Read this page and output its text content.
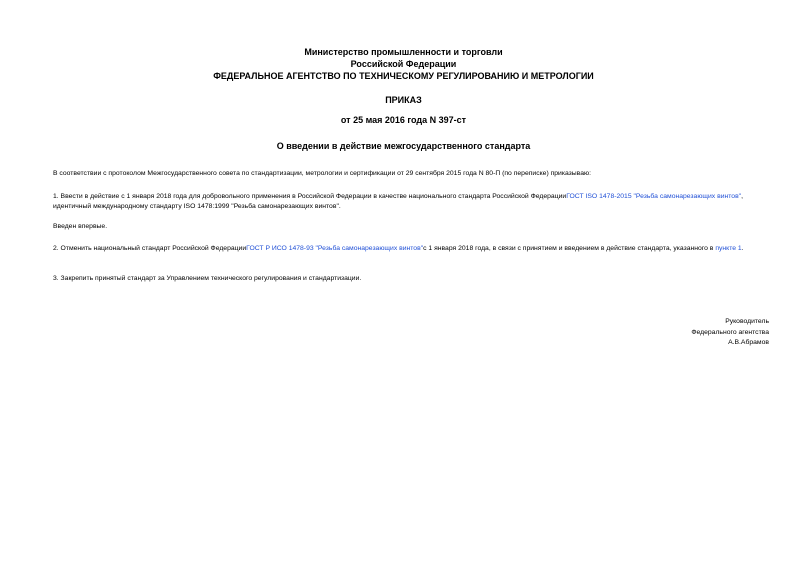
Министерство промышленности и торговли
Российской Федерации
ФЕДЕРАЛЬНОЕ АГЕНТСТВО ПО ТЕХНИЧЕСКОМУ РЕГУЛИРОВАНИЮ И МЕТРОЛОГИИ
ПРИКАЗ
от 25 мая 2016 года N 397-ст
О введении в действие межгосударственного стандарта
В соответствии с протоколом Межгосударственного совета по стандартизации, метрологии и сертификации от 29 сентября 2015 года N 80-П (по переписке) приказываю:
1. Ввести в действие с 1 января 2018 года для добровольного применения в Российской Федерации в качестве национального стандарта Российской ФедерацииГОСТ ISO 1478-2015 "Резьба самонарезающих винтов", идентичный международному стандарту ISO 1478:1999 "Резьба самонарезающих винтов".
Введен впервые.
2. Отменить национальный стандарт Российской ФедерацииГОСТ Р ИСО 1478-93 "Резьба самонарезающих винтов"с 1 января 2018 года, в связи с принятием и введением в действие стандарта, указанного в пункте 1.
3. Закрепить принятый стандарт за Управлением технического регулирования и стандартизации.
Руководитель
Федерального агентства
А.В.Абрамов
